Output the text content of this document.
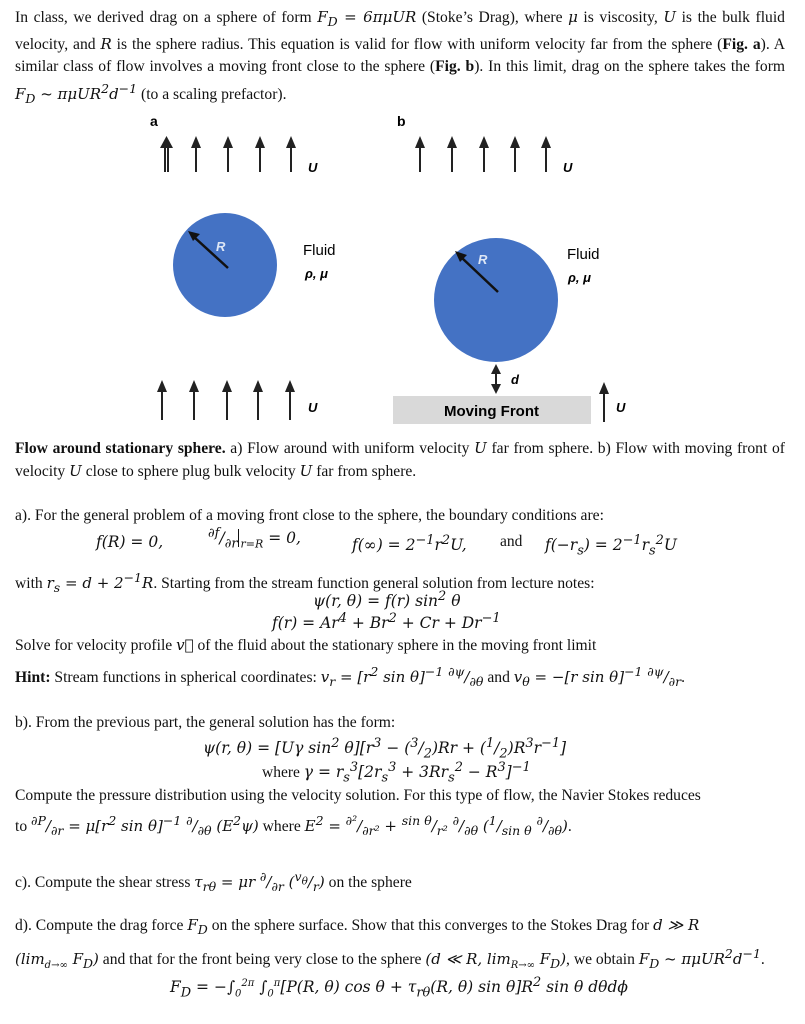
In class, we derived drag on a sphere of form $F_D = 6\pi\mu UR$ (Stoke’s Drag), where μ is viscosity, U is the bulk fluid velocity, and R is the sphere radius. This equation is valid for flow with uniform velocity far from the sphere (Fig. a). A similar class of flow involves a moving front close to the sphere (Fig. b). In this limit, drag on the sphere takes the form $F_D$ ~ $\pi\mu UR^2d^{-1}$ (to a scaling prefactor).
a
U
R	Fluid
ρ, μ
U
b
U
R	Fluid
ρ, μ
d
Moving Front	U
Flow around stationary sphere. a) Flow around with uniform velocity U far from sphere. b) Flow with moving front of velocity U close to sphere plug bulk velocity U far from sphere.
a). For the general problem of a moving front close to the sphere, the boundary conditions are:
f(R) = 0,	$^{\partial f}/_{\partial r}$ $_{r=R}$ = 0,	$f(\infty) = 2^{-1}r^2U$, and $f(-r_s) = 2^{-1}r_s^2U$
with $r_s = d + 2^{-1}R$. Starting from the stream function general solution from lecture notes:
ψ(r, θ) = f(r) $\sin^2 \theta$
$f(r) = Ar^4 + Br^2 + Cr + Dr^{-1}$
Solve for velocity profile v⃗ of the fluid about the stationary sphere in the moving front limit
Hint: Stream functions in spherical coordinates: $v_r = [r^2$ sin θ]$^{-1}$ $^{\partial\psi}/_{\partial\theta}$ and $v_\theta = -[r$ sin θ]$^{-1}$ $^{\partial\psi}/_{\partial r}$.
b). From the previous part, the general solution has the form:
ψ(r, θ) = [Uγ $\sin^2 \theta][r^3 - (^3/_2)Rr + (^1/_2)R^3r^{-1}]$
where $\gamma = r_s^3[2r_s^3 + 3Rr_s^2 - R^3]^{-1}$
Compute the pressure distribution using the velocity solution. For this type of flow, the Navier Stokes reduces
to $^{\partial P}/_{\partial r} = \mu[r^2$ sin θ]$^{-1}$ $^\partial/_{\partial\theta}$ $(E^2\psi)$ where $E^2 = ^{\partial^2}/_{\partial r^2} + ^{sin \theta}/_{r^2}$ $^\partial/_{\partial\theta}$ ($^1/_{sin \theta}$ $^\partial/_{\partial\theta}$).
c). Compute the shear stress $\tau_{r\theta} = \mu r$ $^\partial/_{\partial r}$ $(^{v_\theta}/_r)$ on the sphere
d). Compute the drag force $F_D$ on the sphere surface. Show that this converges to the Stokes Drag for d ≫ R
($\lim_{d\to\infty}$ $F_D$) and that for the front being very close to the sphere (d ≪ R, $\lim_{R\to\infty} F_D$), we obtain $F_D$ ~ $\pi\mu UR^2d^{-1}$.
$F_D = -\int_0^{2\pi}$ $\int_0^\pi[P(R$, θ) $\cos \theta + \tau_{r\theta}(R$, θ) $\sin \theta]R^2$ sin θ dθdϕ
